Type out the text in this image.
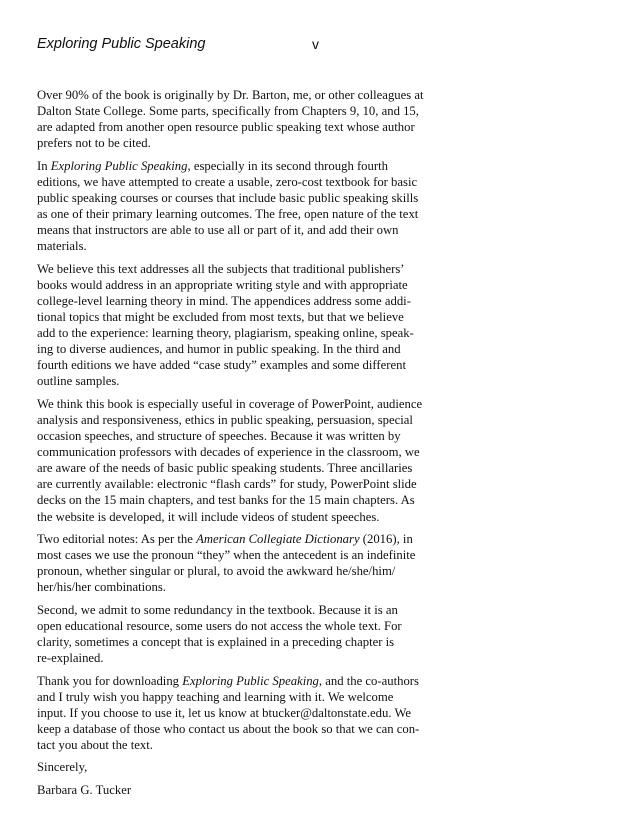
Exploring Public Speaking	v

Over 90% of the book is originally by Dr. Barton, me, or other colleagues at
Dalton State College. Some parts, specifically from Chapters 9, 10, and 15,
are adapted from another open resource public speaking text whose author
prefers not to be cited.

In Exploring Public Speaking, especially in its second through fourth
editions, we have attempted to create a usable, zero-cost textbook for basic
public speaking courses or courses that include basic public speaking skills
as one of their primary learning outcomes. The free, open nature of the text
means that instructors are able to use all or part of it, and add their own
materials.

We believe this text addresses all the subjects that traditional publishers’
books would address in an appropriate writing style and with appropriate
college-level learning theory in mind. The appendices address some addi-
tional topics that might be excluded from most texts, but that we believe
add to the experience: learning theory, plagiarism, speaking online, speak-
ing to diverse audiences, and humor in public speaking. In the third and
fourth editions we have added “case study” examples and some different
outline samples.

We think this book is especially useful in coverage of PowerPoint, audience
analysis and responsiveness, ethics in public speaking, persuasion, special
occasion speeches, and structure of speeches. Because it was written by
communication professors with decades of experience in the classroom, we
are aware of the needs of basic public speaking students. Three ancillaries
are currently available: electronic “flash cards” for study, PowerPoint slide
decks on the 15 main chapters, and test banks for the 15 main chapters. As
the website is developed, it will include videos of student speeches.

Two editorial notes: As per the American Collegiate Dictionary (2016), in
most cases we use the pronoun “they” when the antecedent is an indefinite
pronoun, whether singular or plural, to avoid the awkward he/she/him/
her/his/her combinations.

Second, we admit to some redundancy in the textbook. Because it is an
open educational resource, some users do not access the whole text. For
clarity, sometimes a concept that is explained in a preceding chapter is
re-explained.

Thank you for downloading Exploring Public Speaking, and the co-authors
and I truly wish you happy teaching and learning with it. We welcome
input. If you choose to use it, let us know at btucker@daltonstate.edu. We
keep a database of those who contact us about the book so that we can con-
tact you about the text.

Sincerely,

Barbara G. Tucker
